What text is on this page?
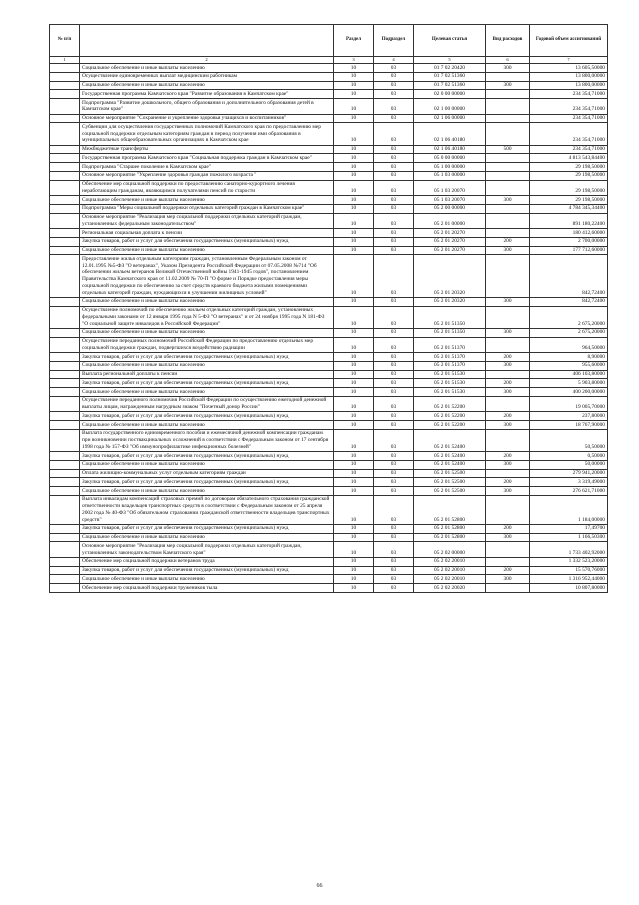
№ п/п		Раздел	Подраздел	Целевая статья	Вид расходов	Годовой объем ассигнований
1	2	3	4	5	6	7
	Социальное обеспечение и иные выплаты населению	10	03	01 7 02 20420	300	13 605,50000
	Осуществление единовременных выплат медицинским работникам	10	03	01 7 02 51360		13 800,00000
	Социальное обеспечение и иные выплаты населению	10	03	01 7 02 51360	300	13 800,00000
	Государственная программа Камчатского края "Развитие образования в Камчатском крае"	10	03	02 0 00 00000		234 354,71000
	Подпрограмма "Развитие дошкольного, общего образования и дополнительного образования детей в Камчатском крае"	10	03	02 1 00 00000		234 354,71000
	Основное мероприятие "Сохранение и укрепление здоровья учащихся и воспитанников"	10	03	02 1 06 00000		234 354,71000
	Субвенции для осуществления государственных полномочий Камчатского края по предоставлению мер социальной поддержки отдельным категориям граждан в период получения ими образования в муниципальных общеобразовательных организациях в Камчатском крае	10	03	02 1 06 40180		234 354,71000
	Межбюджетные трансферты	10	03	02 1 06 40180	500	234 354,71000
	Государственная программа Камчатского края "Социальная поддержка граждан в Камчатском крае"	10	03	05 0 00 00000		4 813 543,84400
	Подпрограмма "Старшее поколение в Камчатском крае"	10	03	05 1 00 00000		29 198,50000
	Основное мероприятие "Укрепление здоровья граждан пожилого возраста "	10	03	05 1 03 00000		29 198,50000
	Обеспечение мер социальной поддержки по предоставлению санаторно-курортного лечения неработающим гражданам, являющимся получателями пенсий по старости	10	03	05 1 03 20070		29 198,50000
	Социальное обеспечение и иные выплаты населению	10	03	05 1 03 20070	300	29 198,50000
	Подпрограмма "Меры социальной поддержки отдельных категорий граждан в Камчатском крае"	10	03	05 2 00 00000		4 784 345,34400
	Основное мероприятие "Реализация мер социальной поддержки отдельных категорий граждан, установленных федеральным законодательством"	10	03	05 2 01 00000		891 180,22400
	Региональная социальная доплата к пенсии	10	03	05 2 01 20270		180 412,60000
	Закупка товаров, работ и услуг для обеспечения государственных (муниципальных) нужд	10	03	05 2 01 20270	200	2 700,00000
	Социальное обеспечение и иные выплаты населению	10	03	05 2 01 20270	300	177 712,60000
	Предоставление жилья отдельным категориям граждан, установленным Федеральным законом от 12.01.1995 №5-ФЗ "О ветеранах", Указом Президента Российской Федерации от 07.05.2008 №714 "Об обеспечении жильем ветеранов Великой Отечественной войны 1941-1945 годов", постановлением Правительства Камчатского края от 11.02.2009 № 70-П "О форме и Порядке предоставления меры социальной поддержки по обеспечению за счет средств краевого бюджета жилыми помещениями отдельных категорий граждан, нуждающихся в улучшении жилищных условий"	10	03	05 2 01 20320		842,72400
	Социальное обеспечение и иные выплаты населению	10	03	05 2 01 20320	300	842,72400
	Осуществление полномочий по обеспечению жильем отдельных категорий граждан, установленных федеральными законами от 12 января 1995 года N 5-ФЗ "О ветеранах" и от 24 ноября 1995 года N 181-ФЗ "О социальной защите инвалидов в Российской Федерации"	10	03	05 2 01 51350		2 675,20000
	Социальное обеспечение и иные выплаты населению	10	03	05 2 01 51350	300	2 675,20000
	Осуществление переданных полномочий Российской Федерации по предоставлению отдельных мер социальной поддержки граждан, подвергшихся воздействию радиации	10	03	05 2 01 51370		964,50000
	Закупка товаров, работ и услуг для обеспечения государственных (муниципальных) нужд	10	03	05 2 01 51370	200	8,90000
	Социальное обеспечение и иные выплаты населению	10	03	05 2 01 51370	300	955,60000
	Выплата региональной доплаты к пенсии	10	03	05 2 01 51530		406 103,80000
	Закупка товаров, работ и услуг для обеспечения государственных (муниципальных) нужд	10	03	05 2 01 51530	200	5 903,80000
	Социальное обеспечение и иные выплаты населению	10	03	05 2 01 51530	300	400 200,00000
	Осуществление переданного полномочия Российской Федерации по осуществлению ежегодной денежной выплаты лицам, награжденным нагрудным знаком "Почетный донор России"	10	03	05 2 01 52200		19 005,70000
	Закупка товаров, работ и услуг для обеспечения государственных (муниципальных) нужд	10	03	05 2 01 52200	200	237,80000
	Социальное обеспечение и иные выплаты населению	10	03	05 2 01 52200	300	18 767,90000
	Выплата государственного единовременного пособия и ежемесячной денежной компенсации гражданам при возникновении поствакцинальных осложнений в соответствии с Федеральным законом от 17 сентября 1998 года № 157-ФЗ "Об иммунопрофилактике инфекционных болезней"	10	03	05 2 01 52400		50,50000
	Закупка товаров, работ и услуг для обеспечения государственных (муниципальных) нужд	10	03	05 2 01 52400	200	0,50000
	Социальное обеспечение и иные выплаты населению	10	03	05 2 01 52400	300	50,00000
	Оплата жилищно-коммунальных услуг отдельным категориям граждан	10	03	05 2 01 52500		279 941,20000
	Закупка товаров, работ и услуг для обеспечения государственных (муниципальных) нужд	10	03	05 2 01 52500	200	3 319,49000
	Социальное обеспечение и иные выплаты населению	10	03	05 2 01 52500	300	276 621,71000
	Выплата инвалидам компенсаций страховых премий по договорам обязательного страхования гражданской ответственности владельцев транспортных средств в соответствии с Федеральным законом от 25 апреля 2002 года № 40-ФЗ "Об обязательном страховании гражданской ответственности владельцев транспортных средств"	10	03	05 2 01 52800		1 184,00000
	Закупка товаров, работ и услуг для обеспечения государственных (муниципальных) нужд	10	03	05 2 01 52800	200	17,49700
	Социальное обеспечение и иные выплаты населению	10	03	05 2 01 52800	300	1 166,50300
	Основное мероприятие "Реализация мер социальной поддержки отдельных категорий граждан, установленных законодательством Камчатского края"	10	03	05 2 02 00000		1 733 402,92000
	Обеспечение мер социальной поддержки ветеранов труда	10	03	05 2 02 20010		1 332 523,20000
	Закупка товаров, работ и услуг для обеспечения государственных (муниципальных) нужд	10	03	05 2 02 20010	200	15 570,76000
	Социальное обеспечение и иные выплаты населению	10	03	05 2 02 20010	300	1 316 952,44000
	Обеспечение мер социальной поддержки тружеников тыла	10	03	05 2 02 20020		10 807,80000
66
